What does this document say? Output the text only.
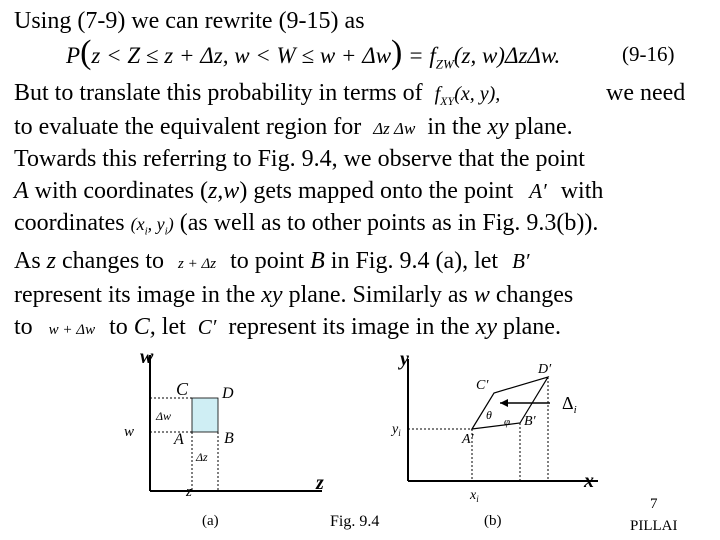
Using (7-9) we can rewrite (9-15) as
P(z < Z ≤ z + Δz, $w < W \le w + \Delta w) = f_{ZW}(z$, w)ΔzΔw.	(9-16)
But to translate this probability in terms of $f_{XY}(x$, y),	we need
to evaluate the equivalent region for Δz Δw in the xy plane.
Towards this referring to Fig. 9.4, we observe that the point
A with coordinates (z,w) gets mapped onto the point A′ with
coordinates ($x_i$, $y_i$) (as well as to other points as in Fig. 9.3(b)).
As z changes to z + Δz to point B in Fig. 9.4 (a), let B′
represent its image in the xy plane. Similarly as w changes
to w + Δw to C, let C′ represent its image in the xy plane.
w
z
C D
A	B
Δw
Δz
w
z
(a)	Fig. 9.4
y
x
C′
D′
A′
B′
θ φ
$\Delta_i$
$y_i$
$x_i$
(b)
7
PILLAI
